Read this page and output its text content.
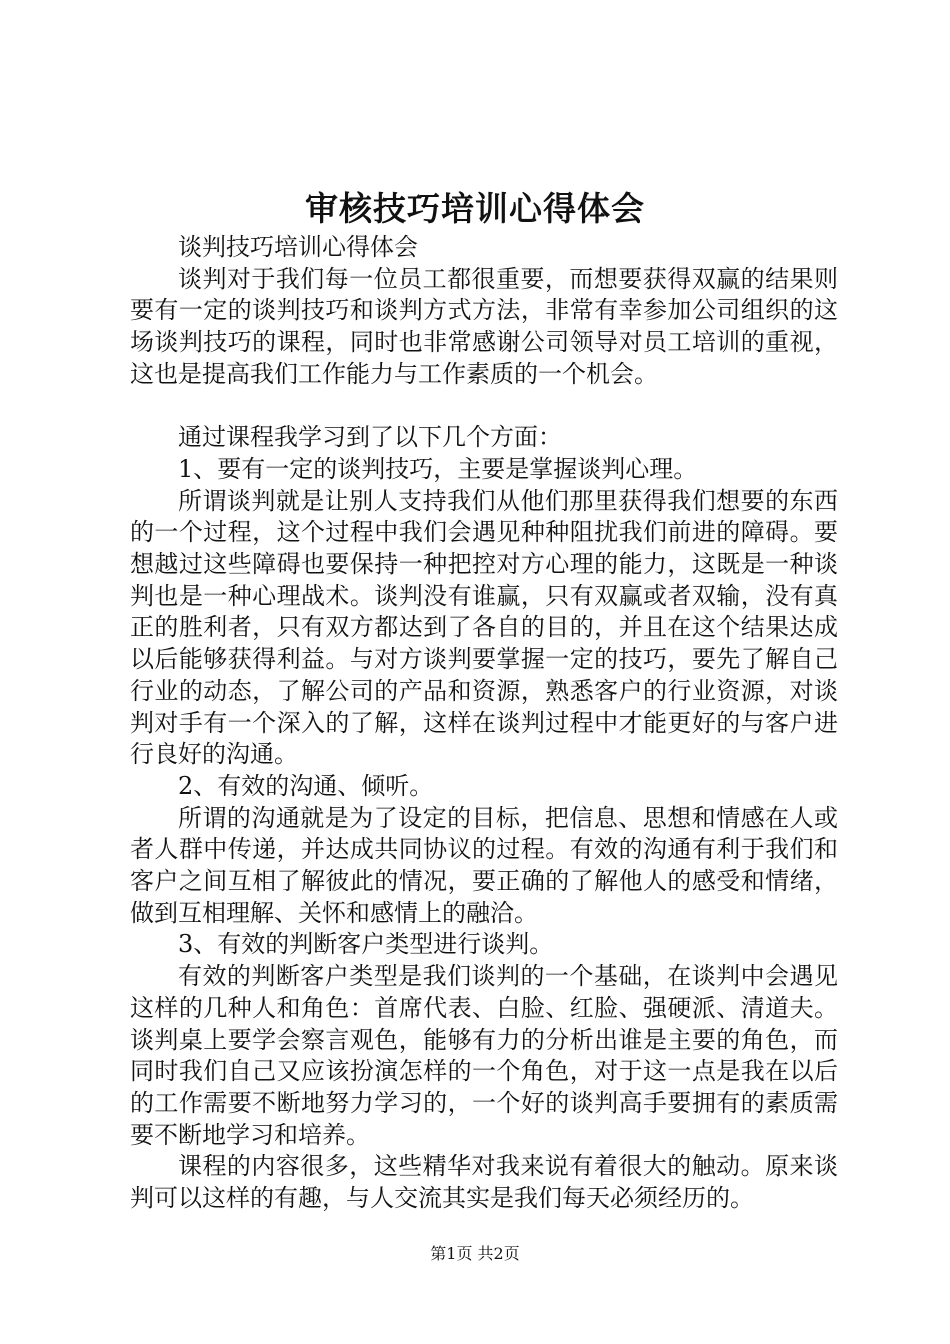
审核技巧培训心得体会

谈判技巧培训心得体会

谈判对于我们每一位员工都很重要，而想要获得双赢的结果则要有一定的谈判技巧和谈判方式方法，非常有幸参加公司组织的这场谈判技巧的课程，同时也非常感谢公司领导对员工培训的重视，这也是提高我们工作能力与工作素质的一个机会。

通过课程我学习到了以下几个方面：

1、要有一定的谈判技巧，主要是掌握谈判心理。

所谓谈判就是让别人支持我们从他们那里获得我们想要的东西的一个过程，这个过程中我们会遇见种种阻扰我们前进的障碍。要想越过这些障碍也要保持一种把控对方心理的能力，这既是一种谈判也是一种心理战术。谈判没有谁赢，只有双赢或者双输，没有真正的胜利者，只有双方都达到了各自的目的，并且在这个结果达成以后能够获得利益。与对方谈判要掌握一定的技巧，要先了解自己行业的动态，了解公司的产品和资源，熟悉客户的行业资源，对谈判对手有一个深入的了解，这样在谈判过程中才能更好的与客户进行良好的沟通。

2、有效的沟通、倾听。

所谓的沟通就是为了设定的目标，把信息、思想和情感在人或者人群中传递，并达成共同协议的过程。有效的沟通有利于我们和客户之间互相了解彼此的情况，要正确的了解他人的感受和情绪，做到互相理解、关怀和感情上的融洽。

3、有效的判断客户类型进行谈判。

有效的判断客户类型是我们谈判的一个基础，在谈判中会遇见这样的几种人和角色：首席代表、白脸、红脸、强硬派、清道夫。谈判桌上要学会察言观色，能够有力的分析出谁是主要的角色，而同时我们自己又应该扮演怎样的一个角色，对于这一点是我在以后的工作需要不断地努力学习的，一个好的谈判高手要拥有的素质需要不断地学习和培养。

课程的内容很多，这些精华对我来说有着很大的触动。原来谈判可以这样的有趣，与人交流其实是我们每天必须经历的。

第1页 共2页
